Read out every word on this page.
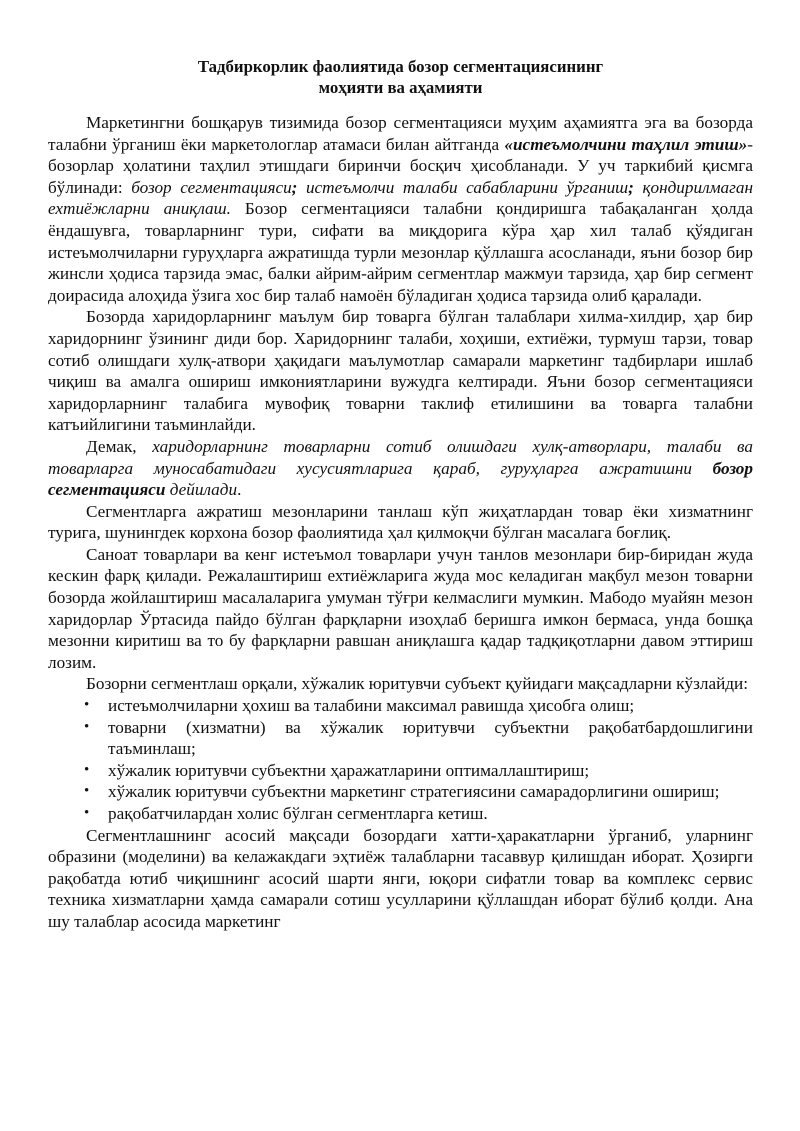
Тадбиркорлик фаолиятида бозор сегментациясининг
моҳияти ва аҳамияти

Маркетингни бошқарув тизимида бозор сегментацияси муҳим аҳамиятга эга ва бозорда талабни ўрганиш ёки маркетологлар атамаси билан айтганда «истеъмолчини таҳлил этиш»- бозорлар ҳолатини таҳлил этишдаги биринчи босқич ҳисобланади. У уч таркибий қисмга бўлинади: бозор сегментацияси; истеъмолчи талаби сабабларини ўрганиш; қондирилмаган ехтиёжларни аниқлаш. Бозор сегментацияси талабни қондиришга табақаланган ҳолда ёндашувга, товарларнинг тури, сифати ва миқдорига кўра ҳар хил талаб қўядиган истеъмолчиларни гуруҳларга ажратишда турли мезонлар қўллашга асосланади, яъни бозор бир жинсли ҳодиса тарзида эмас, балки айрим-айрим сегментлар мажмуи тарзида, ҳар бир сегмент доирасида алоҳида ўзига хос бир талаб намоён бўладиган ҳодиса тарзида олиб қаралади.

Бозорда харидорларнинг маълум бир товарга бўлган талаблари хилма-хилдир, ҳар бир харидорнинг ўзининг диди бор. Харидорнинг талаби, хоҳиши, ехтиёжи, турмуш тарзи, товар сотиб олишдаги хулқ-атвори ҳақидаги маълумотлар самарали маркетинг тадбирлари ишлаб чиқиш ва амалга ошириш имкониятларини вужудга келтиради. Яъни бозор сегментацияси харидорларнинг талабига мувофиқ товарни таклиф етилишини ва товарга талабни катъийлигини таъминлайди.

Демак, харидорларнинг товарларни сотиб олишдаги хулқ-атворлари, талаби ва товарларга муносабатидаги хусусиятларига қараб, гуруҳларга ажратишни бозор сегментацияси дейилади.

Сегментларга ажратиш мезонларини танлаш кўп жиҳатлардан товар ёки хизматнинг турига, шунингдек корхона бозор фаолиятида ҳал қилмоқчи бўлган масалага боғлиқ.

Саноат товарлари ва кенг истеъмол товарлари учун танлов мезонлари бир-биридан жуда кескин фарқ қилади. Режалаштириш ехтиёжларига жуда мос келадиган мақбул мезон товарни бозорда жойлаштириш масалаларига умуман тўғри келмаслиги мумкин. Мабодо муайян мезон харидорлар Ўртасида пайдо бўлган фарқларни изоҳлаб беришга имкон бермаса, унда бошқа мезонни киритиш ва то бу фарқларни равшан аниқлашга қадар тадқиқотларни давом эттириш лозим.

Бозорни сегментлаш орқали, хўжалик юритувчи субъект қуйидаги мақсадларни кўзлайди:

• истеъмолчиларни ҳохиш ва талабини максимал равишда ҳисобга олиш;
• товарни (хизматни) ва хўжалик юритувчи субъектни рақобатбардошлигини таъминлаш;
• хўжалик юритувчи субъектни ҳаражатларини оптималлаштириш;
• хўжалик юритувчи субъектни маркетинг стратегиясини самарадорлигини ошириш;
• рақобатчилардан холис бўлган сегментларга кетиш.

Сегментлашнинг асосий мақсади бозордаги хатти-ҳаракатларни ўрганиб, уларнинг образини (моделини) ва келажакдаги эҳтиёж талабларни тасаввур қилишдан иборат. Ҳозирги рақобатда ютиб чиқишнинг асосий шарти янги, юқори сифатли товар ва комплекс сервис техника хизматларни ҳамда самарали сотиш усулларини қўллашдан иборат бўлиб қолди. Ана шу талаблар асосида маркетинг
